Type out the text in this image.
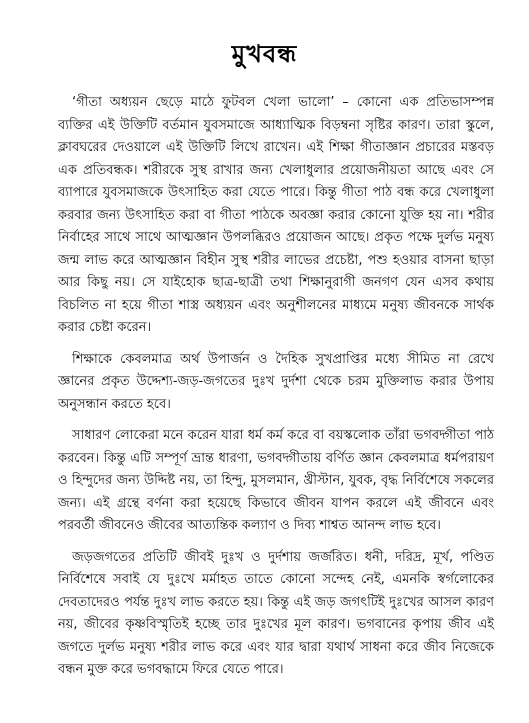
মুখবন্ধ

‘গীতা অধ্যয়ন ছেড়ে মাঠে ফুটবল খেলা ভালো’ – কোনো এক প্রতিভাসম্পন্ন ব্যক্তির এই উক্তিটি বর্তমান যুবসমাজে আধ্যাত্মিক বিড়ম্বনা সৃষ্টির কারণ। তারা স্কুলে, ক্লাবঘরের দেওয়ালে এই উক্তিটি লিখে রাখেন। এই শিক্ষা গীতাজ্ঞান প্রচারের মস্তবড় এক প্রতিবন্ধক। শরীরকে সুস্থ রাখার জন্য খেলাধুলার প্রয়োজনীয়তা আছে এবং সে ব্যাপারে যুবসমাজকে উৎসাহিত করা যেতে পারে। কিন্তু গীতা পাঠ বন্ধ করে খেলাধুলা করবার জন্য উৎসাহিত করা বা গীতা পাঠকে অবজ্ঞা করার কোনো যুক্তি হয় না। শরীর নির্বাহের সাথে সাথে আত্মজ্ঞান উপলব্ধিরও প্রয়োজন আছে। প্রকৃত পক্ষে দুর্লভ মনুষ্য জন্ম লাভ করে আত্মজ্ঞান বিহীন সুস্থ শরীর লাভের প্রচেষ্টা, পশু হওয়ার বাসনা ছাড়া আর কিছু নয়। সে যাইহোক ছাত্র-ছাত্রী তথা শিক্ষানুরাগী জনগণ যেন এসব কথায় বিচলিত না হয়ে গীতা শাস্ত্র অধ্যয়ন এবং অনুশীলনের মাধ্যমে মনুষ্য জীবনকে সার্থক করার চেষ্টা করেন।

শিক্ষাকে কেবলমাত্র অর্থ উপার্জন ও দৈহিক সুখপ্রাপ্তির মধ্যে সীমিত না রেখে জ্ঞানের প্রকৃত উদ্দেশ্য-জড়-জগতের দুঃখ দুর্দশা থেকে চরম মুক্তিলাভ করার উপায় অনুসন্ধান করতে হবে।

সাধারণ লোকেরা মনে করেন যারা ধর্ম কর্ম করে বা বয়স্কলোক তাঁরা ভগবদ্গীতা পাঠ করবেন। কিন্তু এটি সম্পূর্ণ ভ্রান্ত ধারণা, ভগবদ্গীতায় বর্ণিত জ্ঞান কেবলমাত্র ধর্মপরায়ণ ও হিন্দুদের জন্য উদ্দিষ্ট নয়, তা হিন্দু, মুসলমান, খ্রীস্টান, যুবক, বৃদ্ধ নির্বিশেষে সকলের জন্য। এই গ্রন্থে বর্ণনা করা হয়েছে কিভাবে জীবন যাপন করলে এই জীবনে এবং পরবর্তী জীবনেও জীবের আত্যন্তিক কল্যাণ ও দিব্য শাশ্বত আনন্দ লাভ হবে।

জড়জগতের প্রতিটি জীবই দুঃখ ও দুর্দশায় জর্জরিত। ধনী, দরিদ্র, মূর্খ, পণ্ডিত নির্বিশেষে সবাই যে দুঃখে মর্মাহত তাতে কোনো সন্দেহ নেই, এমনকি স্বর্গলোকের দেবতাদেরও পর্যন্ত দুঃখ লাভ করতে হয়। কিন্তু এই জড় জগৎটিই দুঃখের আসল কারণ নয়, জীবের কৃষ্ণবিস্মৃতিই হচ্ছে তার দুঃখের মূল কারণ। ভগবানের কৃপায় জীব এই জগতে দুর্লভ মনুষ্য শরীর লাভ করে এবং যার দ্বারা যথার্থ সাধনা করে জীব নিজেকে বন্ধন মুক্ত করে ভগবদ্ধামে ফিরে যেতে পারে।
